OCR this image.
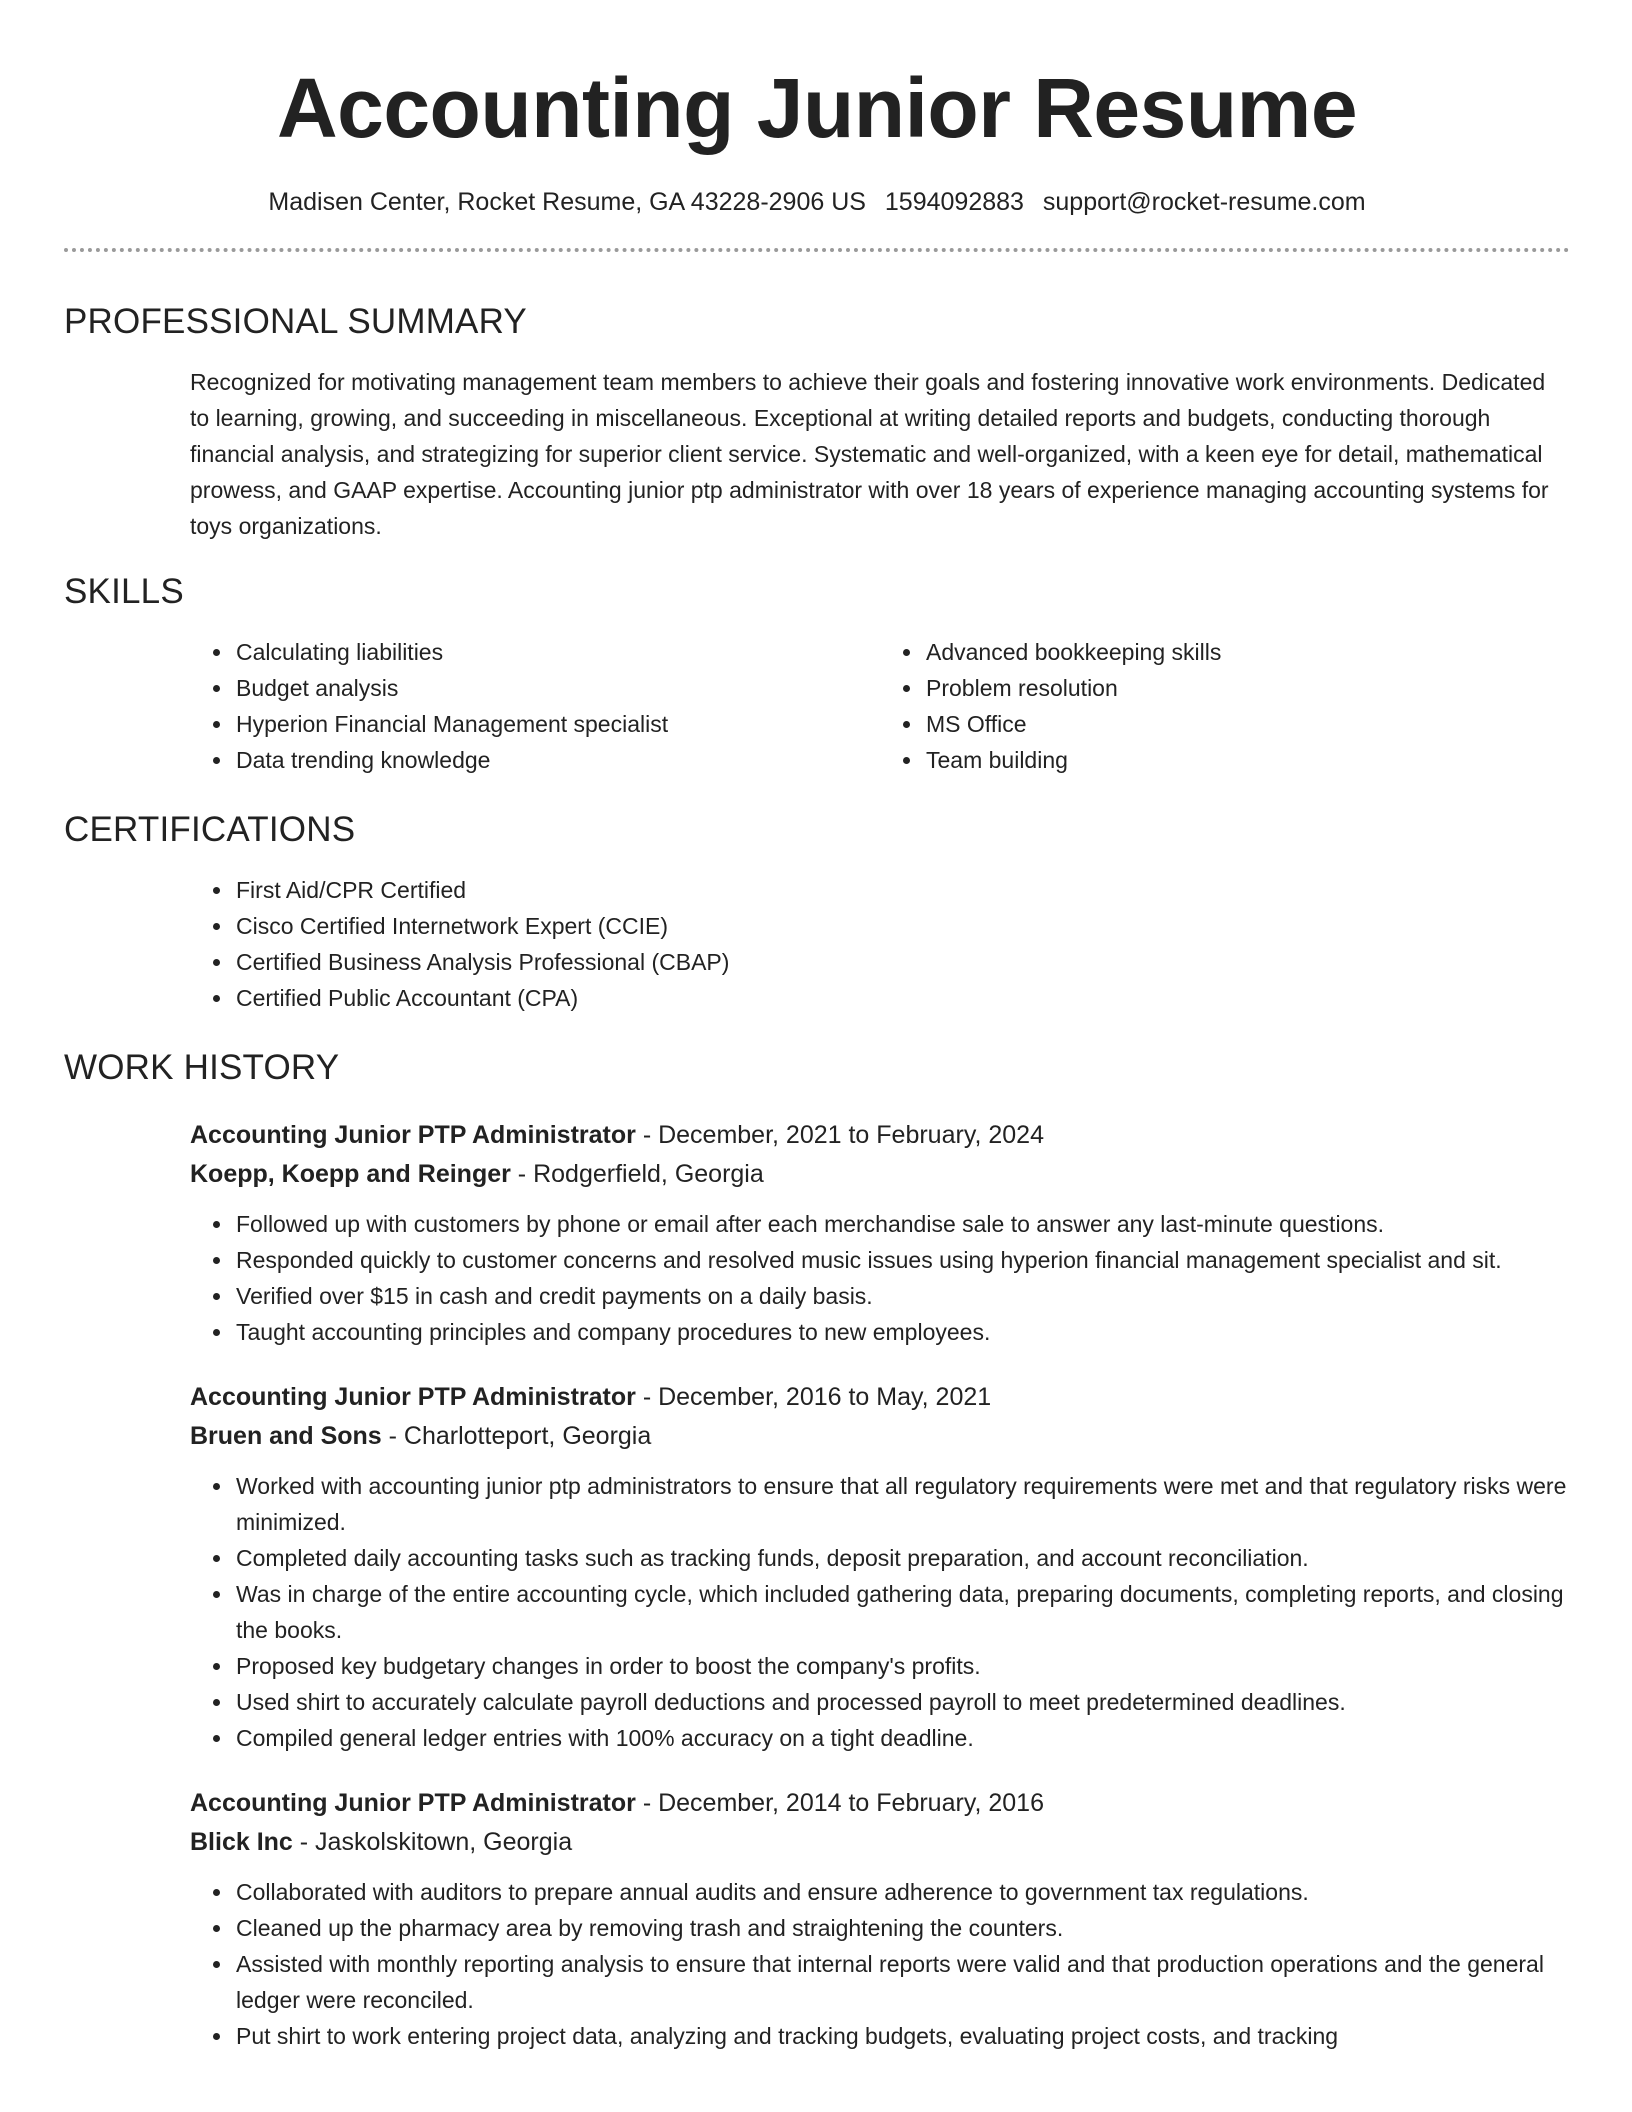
Accounting Junior Resume
Madisen Center, Rocket Resume, GA 43228-2906 US 1594092883 support@rocket-resume.com
PROFESSIONAL SUMMARY

Recognized for motivating management team members to achieve their goals and fostering innovative work environments. Dedicated to learning, growing, and succeeding in miscellaneous. Exceptional at writing detailed reports and budgets, conducting thorough financial analysis, and strategizing for superior client service. Systematic and well-organized, with a keen eye for detail, mathematical prowess, and GAAP expertise. Accounting junior ptp administrator with over 18 years of experience managing accounting systems for toys organizations.

SKILLS
• Calculating liabilities
• Budget analysis
• Hyperion Financial Management specialist
• Data trending knowledge
• Advanced bookkeeping skills
• Problem resolution
• MS Office
• Team building
CERTIFICATIONS
• First Aid/CPR Certified
• Cisco Certified Internetwork Expert (CCIE)
• Certified Business Analysis Professional (CBAP)
• Certified Public Accountant (CPA)
WORK HISTORY
Accounting Junior PTP Administrator - December, 2021 to February, 2024
Koepp, Koepp and Reinger - Rodgerfield, Georgia
• Followed up with customers by phone or email after each merchandise sale to answer any last-minute questions.
• Responded quickly to customer concerns and resolved music issues using hyperion financial management specialist and sit.
• Verified over $15 in cash and credit payments on a daily basis.
• Taught accounting principles and company procedures to new employees.
Accounting Junior PTP Administrator - December, 2016 to May, 2021
Bruen and Sons - Charlotteport, Georgia
• Worked with accounting junior ptp administrators to ensure that all regulatory requirements were met and that regulatory risks were minimized.
• Completed daily accounting tasks such as tracking funds, deposit preparation, and account reconciliation.
• Was in charge of the entire accounting cycle, which included gathering data, preparing documents, completing reports, and closing the books.
• Proposed key budgetary changes in order to boost the company's profits.
• Used shirt to accurately calculate payroll deductions and processed payroll to meet predetermined deadlines.
• Compiled general ledger entries with 100% accuracy on a tight deadline.
Accounting Junior PTP Administrator - December, 2014 to February, 2016
Blick Inc - Jaskolskitown, Georgia
• Collaborated with auditors to prepare annual audits and ensure adherence to government tax regulations.
• Cleaned up the pharmacy area by removing trash and straightening the counters.
• Assisted with monthly reporting analysis to ensure that internal reports were valid and that production operations and the general ledger were reconciled.
• Put shirt to work entering project data, analyzing and tracking budgets, evaluating project costs, and tracking
